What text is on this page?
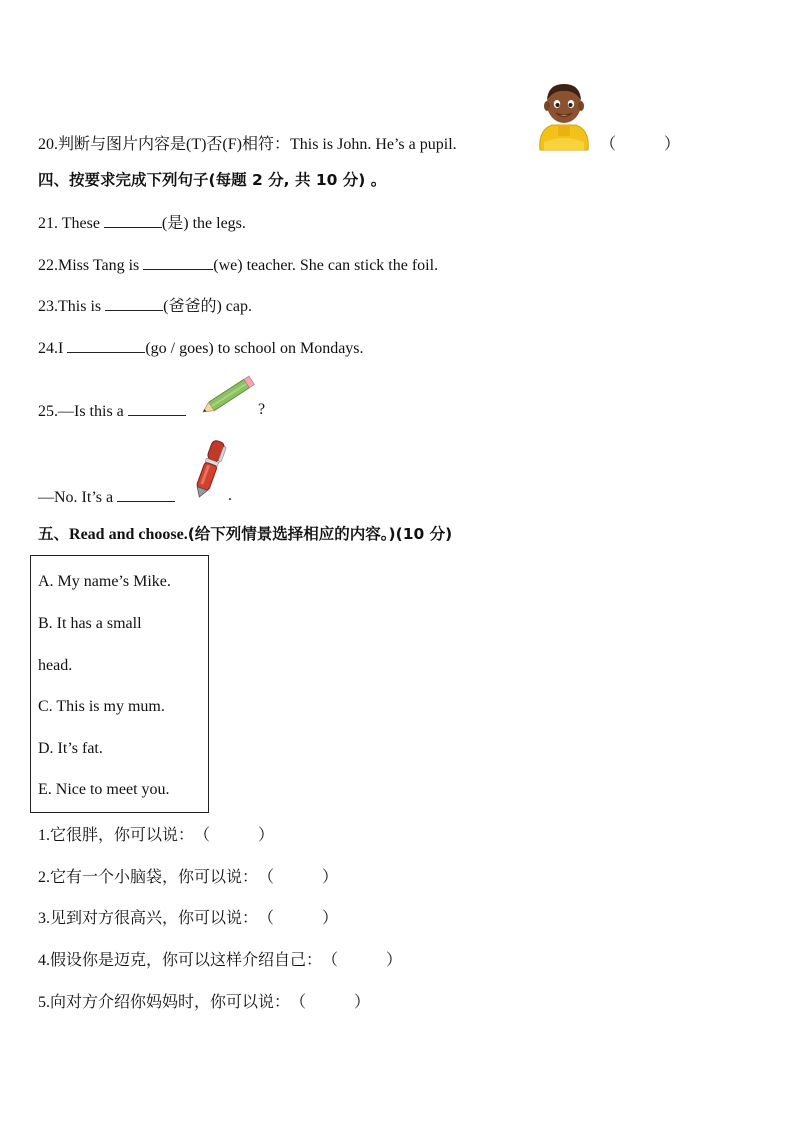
20.判断与图片内容是(T)否(F)相符：This is John. He’s a pupil.	（　　　）
四、按要求完成下列句子(每题 2 分, 共 10 分) 。
21. These	(是) the legs.
22.Miss Tang is	(we) teacher. She can stick the foil.
23.This is	(爸爸的) cap.
24.I	(go / goes) to school on Mondays.
25.—Is this a	?
—No. It’s a	.
五、Read and choose.(给下列情景选择相应的内容。)(10 分)
A. My name’s Mike.
B. It has a small
head.
C. This is my mum.
D. It’s fat.
E. Nice to meet you.
1.它很胖，你可以说：（　　　）
2.它有一个小脑袋，你可以说：（　　　）
3.见到对方很高兴，你可以说：（　　　）
4.假设你是迈克，你可以这样介绍自己：（　　　）
5.向对方介绍你妈妈时，你可以说：（　　　）
